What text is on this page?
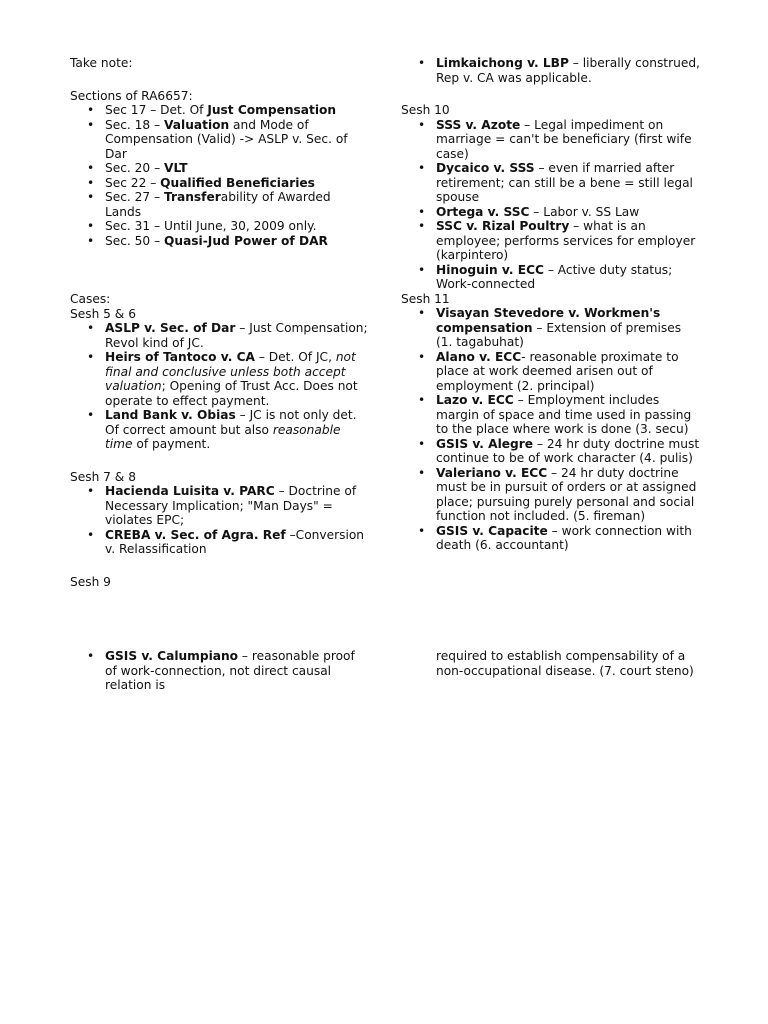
Take note:

Sections of RA6657:

• Sec 17 – Det. Of Just Compensation
• Sec. 18 – Valuation and Mode of Compensation (Valid) -> ASLP v. Sec. of Dar
• Sec. 20 – VLT
• Sec 22 – Qualified Beneficiaries
• Sec. 27 – Transferability of Awarded Lands
• Sec. 31 – Until June, 30, 2009 only.
• Sec. 50 – Quasi-Jud Power of DAR

Cases:

Sesh 5 & 6

• ASLP v. Sec. of Dar – Just Compensation; Revol kind of JC.
• Heirs of Tantoco v. CA – Det. Of JC, not final and conclusive unless both accept valuation; Opening of Trust Acc. Does not operate to effect payment.
• Land Bank v. Obias – JC is not only det. Of correct amount but also reasonable time of payment.

Sesh 7 & 8

• Hacienda Luisita v. PARC – Doctrine of Necessary Implication; "Man Days" = violates EPC;
• CREBA v. Sec. of Agra. Ref –Conversion v. Relassification

Sesh 9

• GSIS v. Calumpiano – reasonable proof of work-connection, not direct causal relation is
• Limkaichong v. LBP – liberally construed, Rep v. CA was applicable.

Sesh 10

• SSS v. Azote – Legal impediment on marriage = can't be beneficiary (first wife case)
• Dycaico v. SSS – even if married after retirement; can still be a bene = still legal spouse
• Ortega v. SSC – Labor v. SS Law
• SSC v. Rizal Poultry – what is an employee; performs services for employer (karpintero)
• Hinoguin v. ECC – Active duty status; Work-connected

Sesh 11

• Visayan Stevedore v. Workmen's compensation – Extension of premises (1. tagabuhat)
• Alano v. ECC- reasonable proximate to place at work deemed arisen out of employment (2. principal)
• Lazo v. ECC – Employment includes margin of space and time used in passing to the place where work is done (3. secu)
• GSIS v. Alegre – 24 hr duty doctrine must continue to be of work character (4. pulis)
• Valeriano v. ECC – 24 hr duty doctrine must be in pursuit of orders or at assigned place; pursuing purely personal and social function not included. (5. fireman)
• GSIS v. Capacite – work connection with death (6. accountant)

required to establish compensability of a non-occupational disease. (7. court steno)
